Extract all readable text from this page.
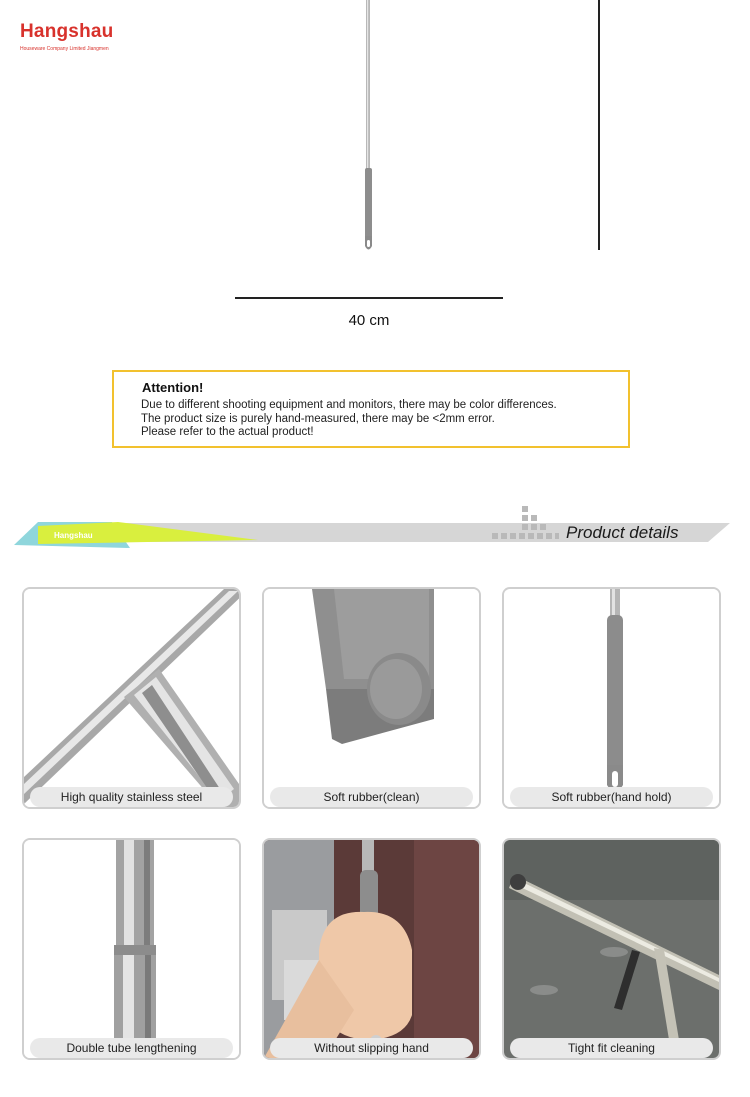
Hangshau
Houseware Company Limited Jiangmen
40 cm
Attention!
Due to different shooting equipment and monitors, there may be color differences.
The product size is purely hand-measured, there may be <2mm error.
Please refer to the actual product!
Hangshau	Product details
High quality stainless steel	Soft rubber(clean)	Soft rubber(hand hold)
Double tube lengthening	Without slipping hand	Tight fit cleaning
